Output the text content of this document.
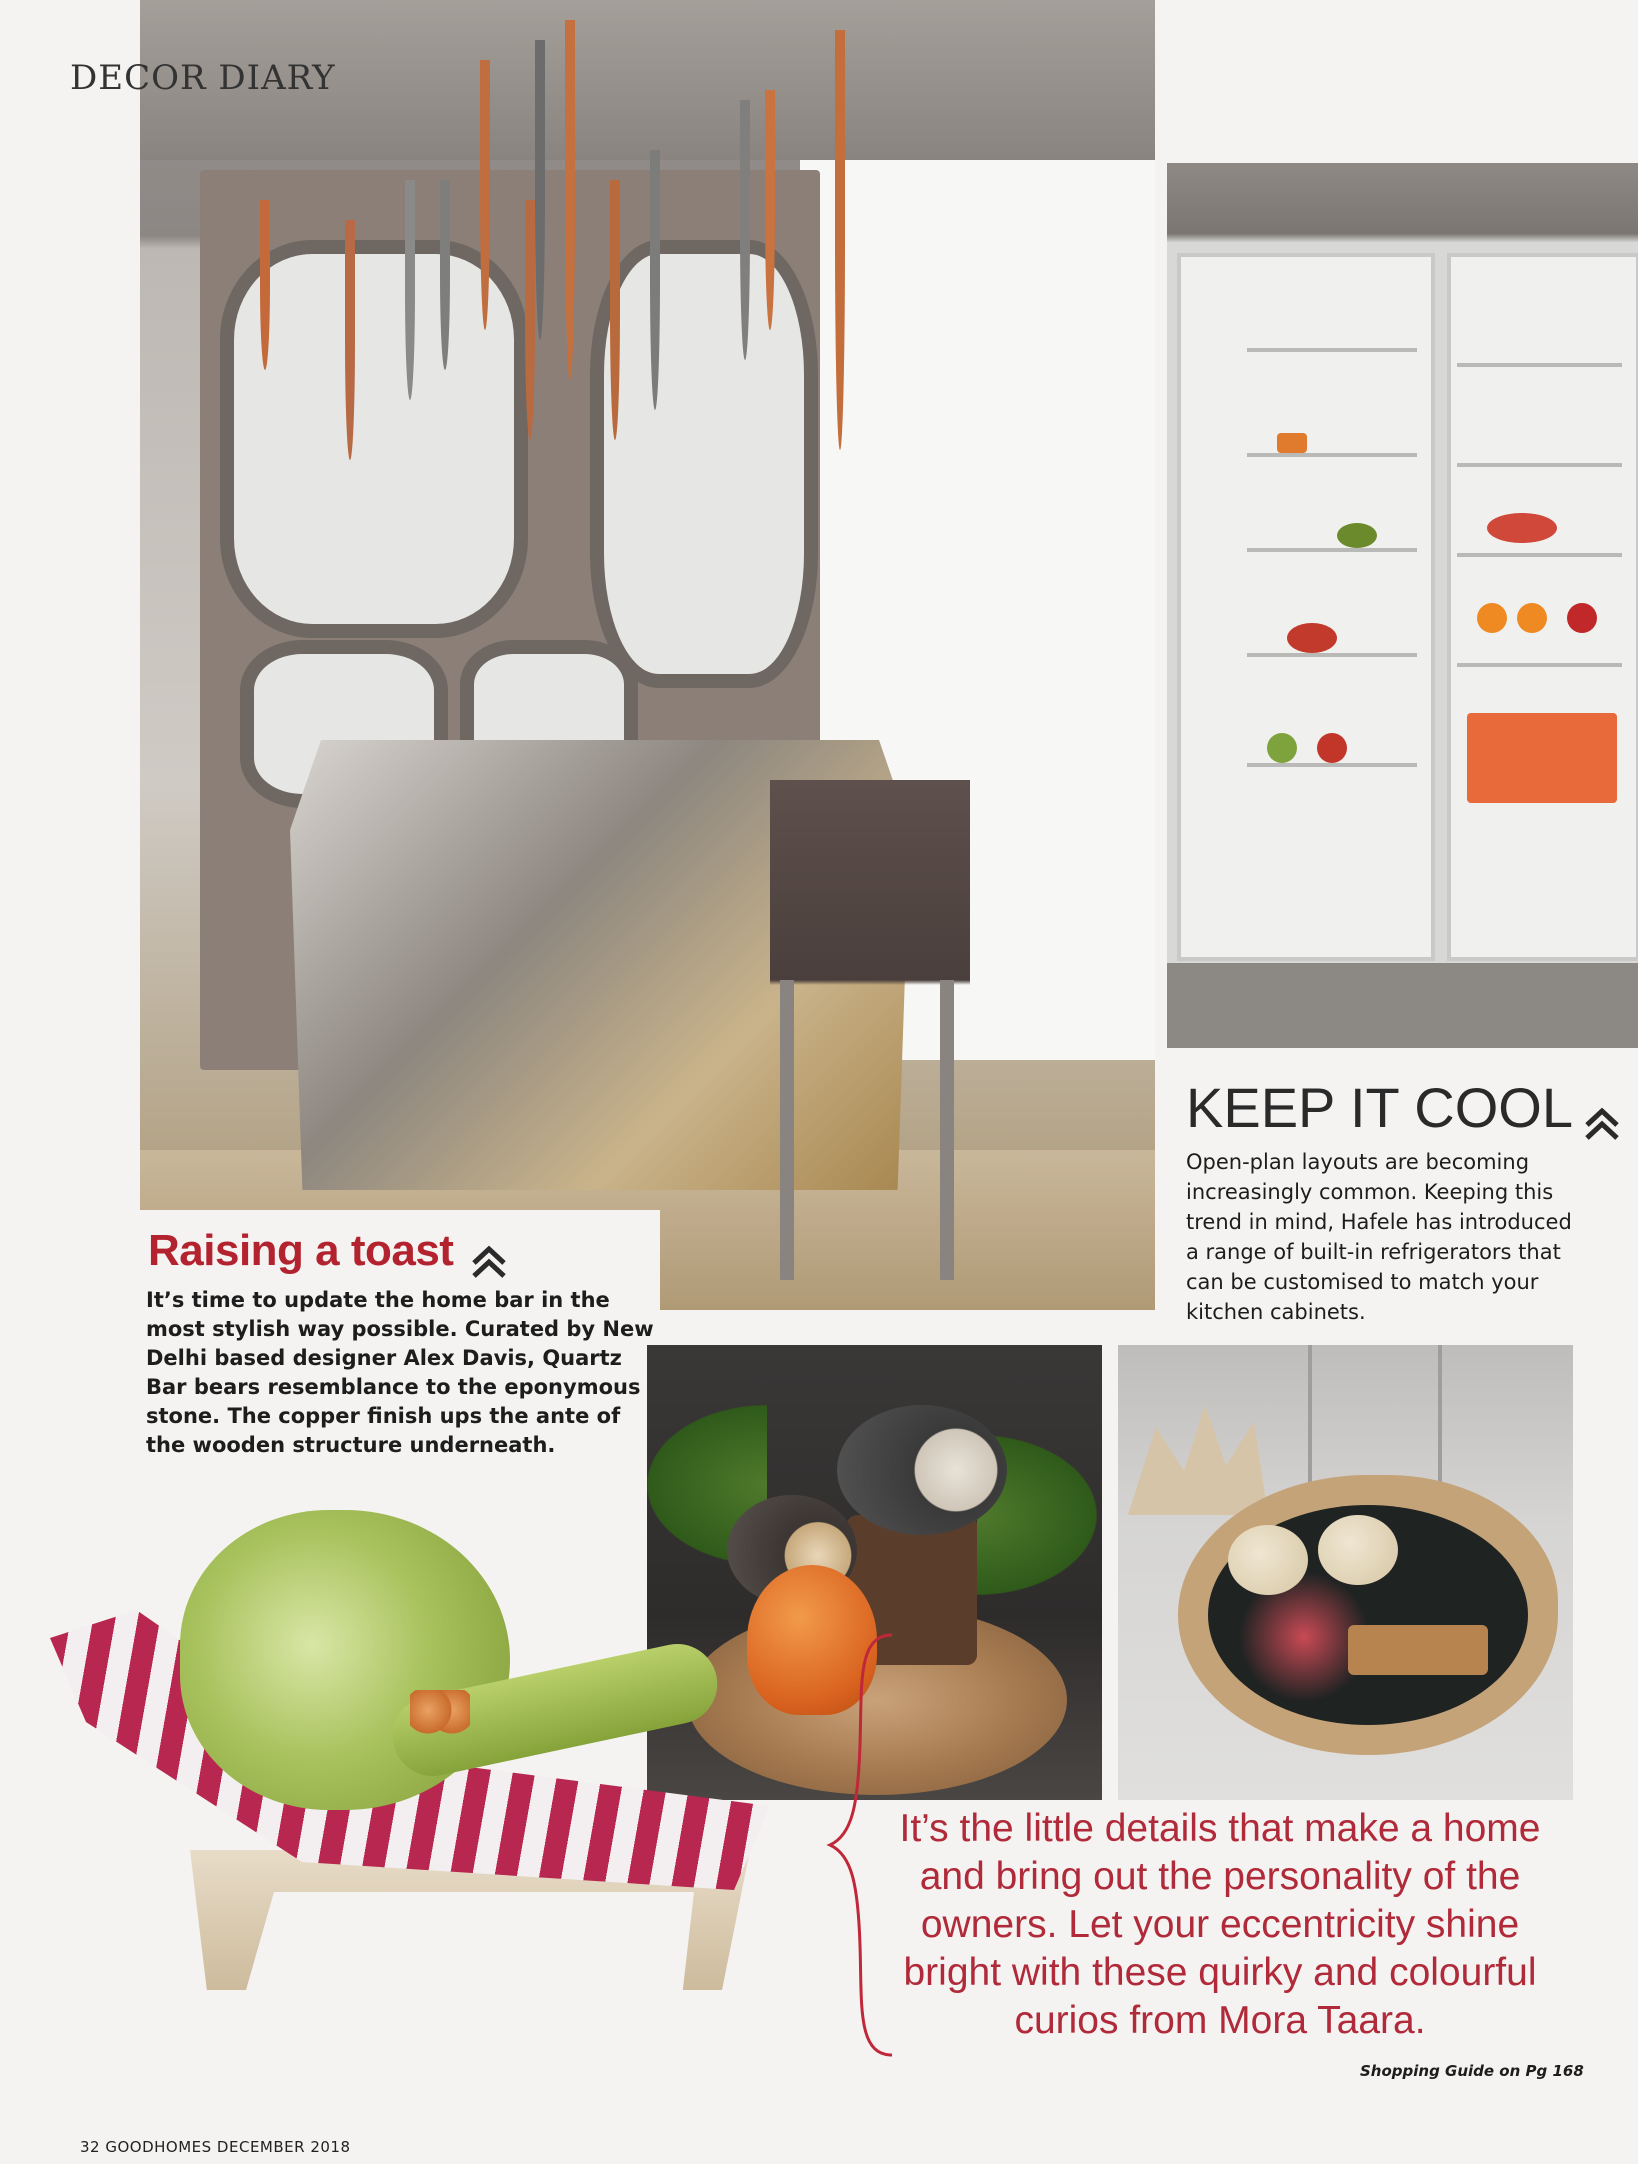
DECOR DIARY
Raising a toast
It’s time to update the home bar in the
most stylish way possible. Curated by New
Delhi based designer Alex Davis, Quartz
Bar bears resemblance to the eponymous
stone. The copper finish ups the ante of
the wooden structure underneath.
KEEP IT COOL
Open-plan layouts are becoming
increasingly common. Keeping this
trend in mind, Hafele has introduced
a range of built-in refrigerators that
can be customised to match your
kitchen cabinets.
It’s the little details that make a home
and bring out the personality of the
owners. Let your eccentricity shine
bright with these quirky and colourful
curios from Mora Taara.
Shopping Guide on Pg 168
32 GOODHOMES DECEMBER 2018
